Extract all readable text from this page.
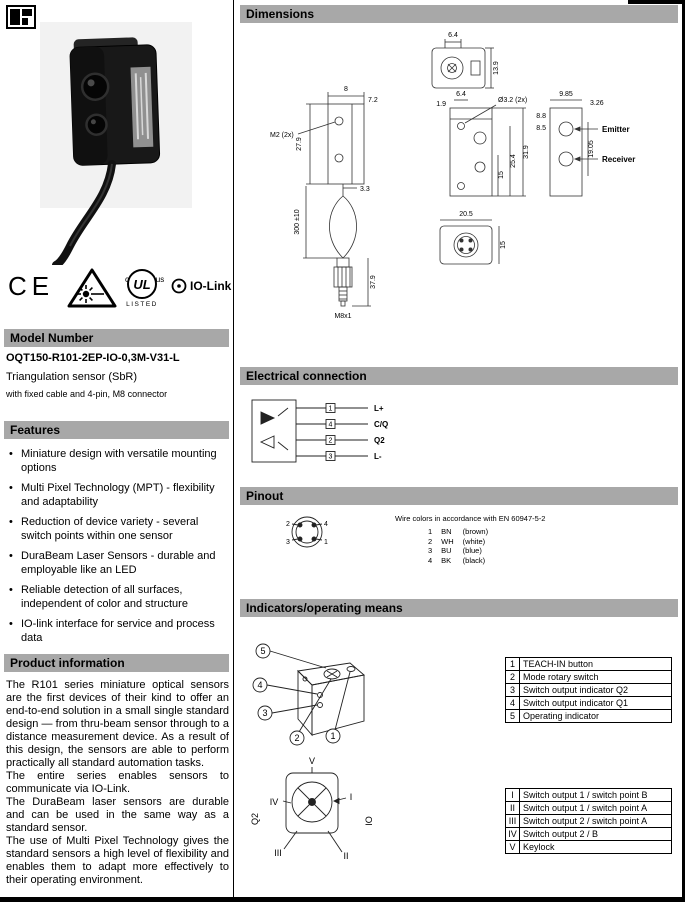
CE	UL
c	us
LISTED
IO-Link
Model Number
OQT150-R101-2EP-IO-0,3M-V31-L
Triangulation sensor (SbR)
with fixed cable and 4-pin, M8 connector
Features
• Miniature design with versatile mounting options
• Multi Pixel Technology (MPT) - flexibility and adaptability
• Reduction of device variety - several switch points within one sensor
• DuraBeam Laser Sensors - durable and employable like an LED
• Reliable detection of all surfaces, independent of color and structure
• IO-link interface for service and process data
Product information

The R101 series miniature optical sensors are the first devices of their kind to offer an end-to-end solution in a small single standard design — from thru-beam sensor through to a distance measurement device. As a result of this design, the sensors are able to perform practically all standard automation tasks.

The entire series enables sensors to communicate via IO-Link.

The DuraBeam laser sensors are durable and can be used in the same way as a standard sensor.

The use of Multi Pixel Technology gives the standard sensors a high level of flexibility and enables them to adapt more effectively to their operating environment.

Dimensions
6.4
13.9
8
7.2
M2 (2x)
27.9
3.3
300 ±10
37.9
M8x1
6.4
1.9
Ø3.2 (2x)
15
25.4
31.9
9.85
3.26
8.8
8.5
19.05
Emitter
Receiver
20.5
15
Electrical connection
1
4
2
3
L+
C/Q
Q2
L-
Pinout
Wire colors in accordance with EN 60947-5-2
2	4
3	1
1	BN	(brown)
2	WH	(white)
3	BU	(blue)
4	BK	(black)
Indicators/operating means
5
4
3
2	1
1	TEACH-IN button
2	Mode rotary switch
3	Switch output indicator Q2
4	Switch output indicator Q1
5	Operating indicator
V
IV	I
III	II
Q2	IO
I	Switch output 1 / switch point B
II	Switch output 1 / switch point A
III	Switch output 2 / switch point A
IV	Switch output 2 / B
V	Keylock
